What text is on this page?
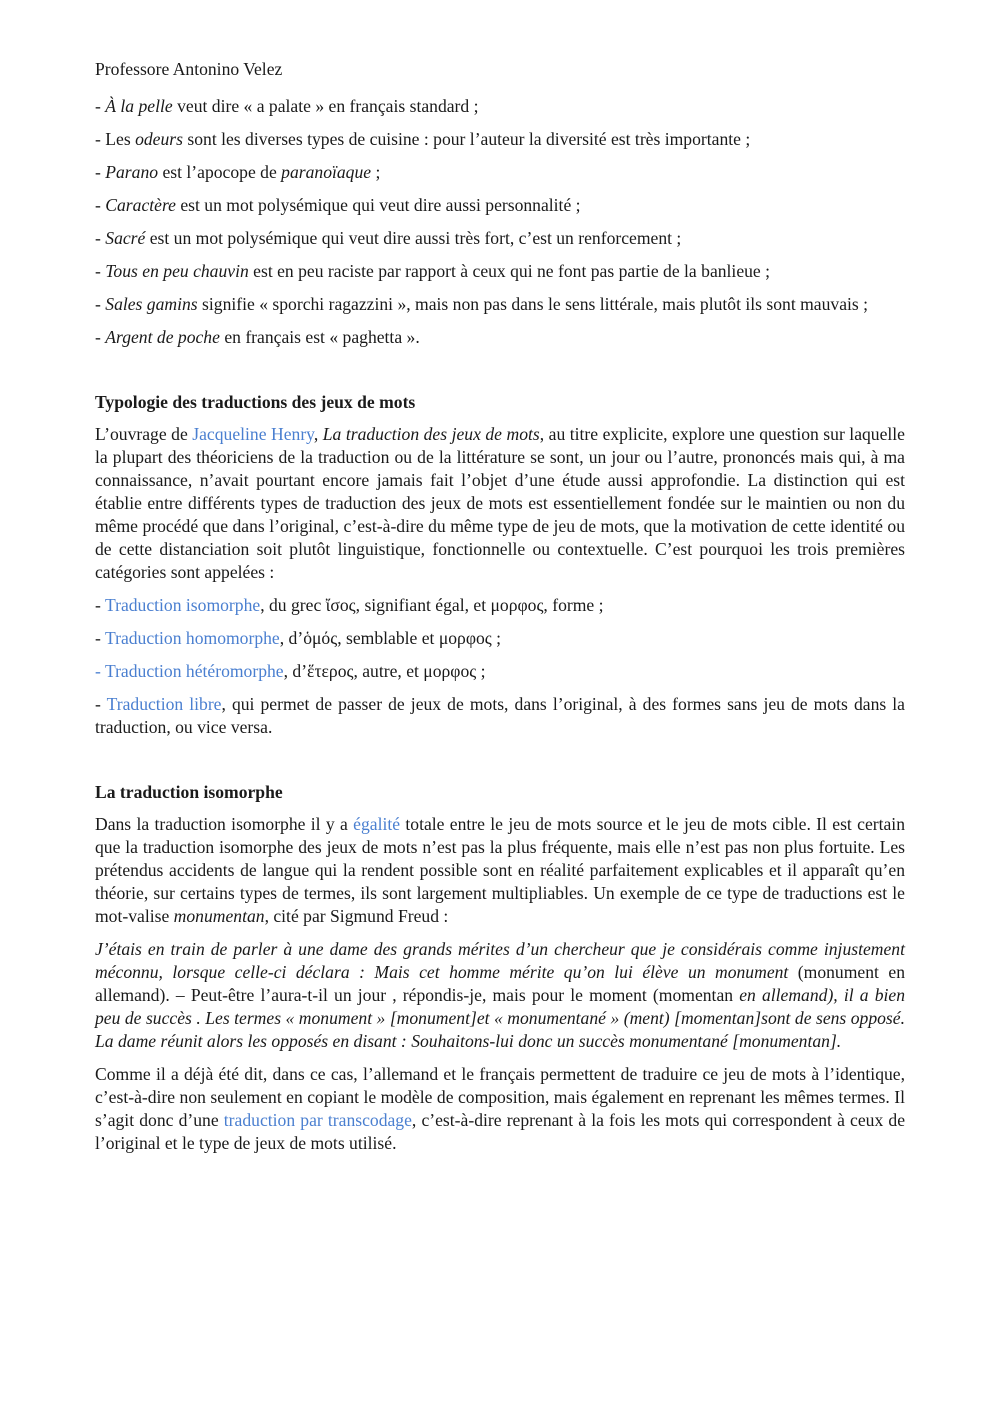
Professore Antonino Velez
- À la pelle veut dire « a palate » en français standard ;
- Les odeurs sont les diverses types de cuisine : pour l’auteur la diversité est très importante ;
- Parano est l’apocope de paranoïaque ;
- Caractère est un mot polysémique qui veut dire aussi personnalité ;
- Sacré est un mot polysémique qui veut dire aussi très fort, c’est un renforcement ;
- Tous en peu chauvin est en peu raciste par rapport à ceux qui ne font pas partie de la banlieue ;
- Sales gamins signifie « sporchi ragazzini », mais non pas dans le sens littérale, mais plutôt ils sont mauvais ;
- Argent de poche en français est « paghetta ».
Typologie des traductions des jeux de mots

L’ouvrage de Jacqueline Henry, La traduction des jeux de mots, au titre explicite, explore une question sur laquelle la plupart des théoriciens de la traduction ou de la littérature se sont, un jour ou l’autre, prononcés mais qui, à ma connaissance, n’avait pourtant encore jamais fait l’objet d’une étude aussi approfondie. La distinction qui est établie entre différents types de traduction des jeux de mots est essentiellement fondée sur le maintien ou non du même procédé que dans l’original, c’est-à-dire du même type de jeu de mots, que la motivation de cette identité ou de cette distanciation soit plutôt linguistique, fonctionnelle ou contextuelle. C’est pourquoi les trois premières catégories sont appelées :

- Traduction isomorphe, du grec ἴσος, signifiant égal, et μορφος, forme ;
- Traduction homomorphe, d’ὁμός, semblable et μορφος ;
- Traduction hétéromorphe, d’ἕτερος, autre, et μορφος ;
- Traduction libre, qui permet de passer de jeux de mots, dans l’original, à des formes sans jeu de mots dans la traduction, ou vice versa.
La traduction isomorphe

Dans la traduction isomorphe il y a égalité totale entre le jeu de mots source et le jeu de mots cible. Il est certain que la traduction isomorphe des jeux de mots n’est pas la plus fréquente, mais elle n’est pas non plus fortuite. Les prétendus accidents de langue qui la rendent possible sont en réalité parfaitement explicables et il apparaît qu’en théorie, sur certains types de termes, ils sont largement multipliables. Un exemple de ce type de traductions est le mot-valise monumentan, cité par Sigmund Freud :

J’étais en train de parler à une dame des grands mérites d’un chercheur que je considérais comme injustement méconnu, lorsque celle-ci déclara : Mais cet homme mérite qu’on lui élève un monument (monument en allemand). – Peut-être l’aura-t-il un jour , répondis-je, mais pour le moment (momentan en allemand), il a bien peu de succès . Les termes « monument » [monument]et « monumentané » (ment) [momentan]sont de sens opposé. La dame réunit alors les opposés en disant : Souhaitons-lui donc un succès monumentané [monumentan].

Comme il a déjà été dit, dans ce cas, l’allemand et le français permettent de traduire ce jeu de mots à l’identique, c’est-à-dire non seulement en copiant le modèle de composition, mais également en reprenant les mêmes termes. Il s’agit donc d’une traduction par transcodage, c’est-à-dire reprenant à la fois les mots qui correspondent à ceux de l’original et le type de jeux de mots utilisé.
